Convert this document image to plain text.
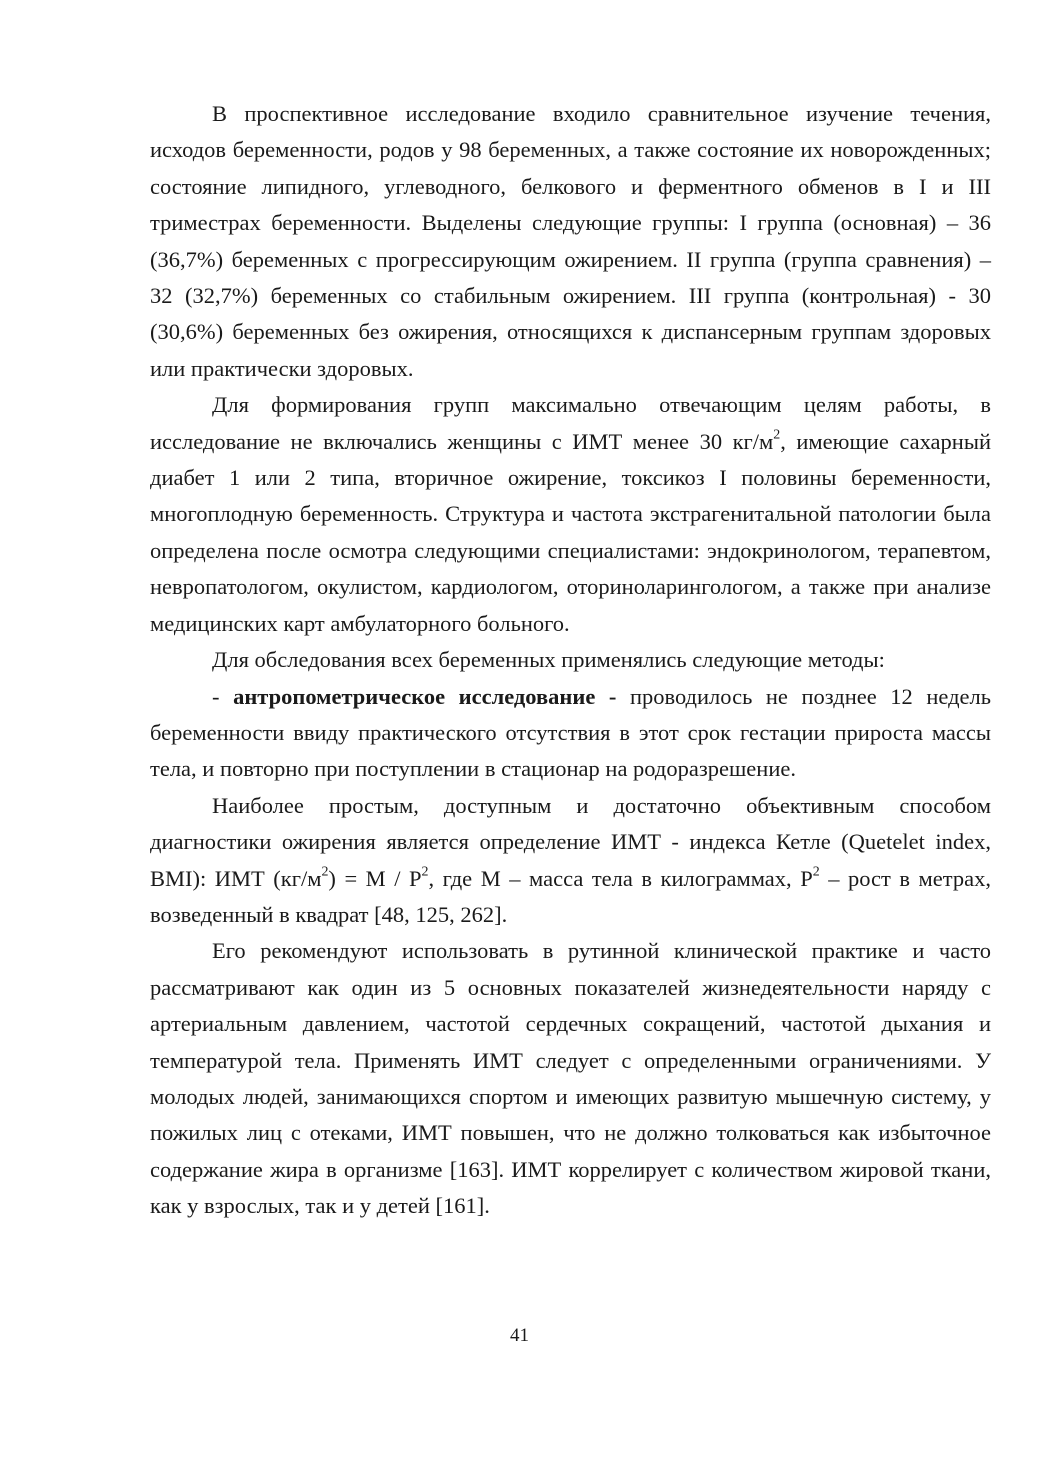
В проспективное исследование входило сравнительное изучение течения, исходов беременности, родов у 98 беременных, а также состояние их новорожденных; состояние липидного, углеводного, белкового и ферментного обменов в I и III триместрах беременности. Выделены следующие группы: I группа (основная) – 36 (36,7%) беременных с прогрессирующим ожирением. II группа (группа сравнения) – 32 (32,7%) беременных со стабильным ожирением. III группа (контрольная) - 30 (30,6%) беременных без ожирения, относящихся к диспансерным группам здоровых или практически здоровых.

Для формирования групп максимально отвечающим целям работы, в исследование не включались женщины с ИМТ менее 30 $кг/м^2$, имеющие сахарный диабет 1 или 2 типа, вторичное ожирение, токсикоз I половины беременности, многоплодную беременность. Структура и частота экстрагенитальной патологии была определена после осмотра следующими специалистами: эндокринологом, терапевтом, невропатологом, окулистом, кардиологом, оториноларингологом, а также при анализе медицинских карт амбулаторного больного.

Для обследования всех беременных применялись следующие методы:

- антропометрическое исследование - проводилось не позднее 12 недель беременности ввиду практического отсутствия в этот срок гестации прироста массы тела, и повторно при поступлении в стационар на родоразрешение.

Наиболее простым, доступным и достаточно объективным способом диагностики ожирения является определение ИМТ - индекса Кетле (Quetelet index, BMI): ИМТ $(кг/м^2) = М / Р^2$, где М – масса тела в килограммах, $Р^2$ – рост в метрах, возведенный в квадрат [48, 125, 262].

Его рекомендуют использовать в рутинной клинической практике и часто рассматривают как один из 5 основных показателей жизнедеятельности наряду с артериальным давлением, частотой сердечных сокращений, частотой дыхания и температурой тела. Применять ИМТ следует с определенными ограничениями. У молодых людей, занимающихся спортом и имеющих развитую мышечную систему, у пожилых лиц с отеками, ИМТ повышен, что не должно толковаться как избыточное содержание жира в организме [163]. ИМТ коррелирует с количеством жировой ткани, как у взрослых, так и у детей [161].

41
